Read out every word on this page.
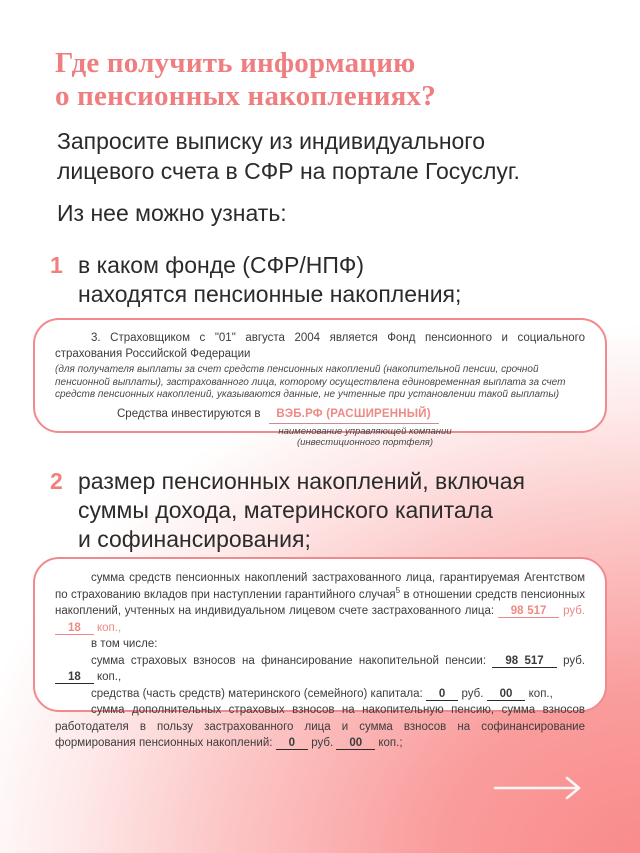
Где получить информацию
о пенсионных накоплениях?
Запросите выписку из индивидуального
лицевого счета в СФР на портале Госуслуг.
Из нее можно узнать:
1 в каком фонде (СФР/НПФ)
находятся пенсионные накопления;

3. Страховщиком с "01" августа 2004 является Фонд пенсионного и социального страхования Российской Федерации

(для получателя выплаты за счет средств пенсионных накоплений (накопительной пенсии, срочной пенсионной выплаты), застрахованного лица, которому осуществлена единовременная выплата за счет средств пенсионных накоплений, указываются данные, не учтенные при установлении такой выплаты)

Средства инвестируются в ВЭБ.РФ (РАСШИРЕННЫЙ)
наименование управляющей компании
(инвестиционного портфеля)
2 размер пенсионных накоплений, включая
суммы дохода, материнского капитала
и софинансирования;

сумма средств пенсионных накоплений застрахованного лица, гарантируемая Агентством по страхованию вкладов при наступлении гарантийного случая$^5$ в отношении средств пенсионных накоплений, учтенных на индивидуальном лицевом счете застрахованного лица: 98 517 руб. 18 коп.,

в том числе:

сумма страховых взносов на финансирование накопительной пенсии: 98 517 руб. 18 коп.,

средства (часть средств) материнского (семейного) капитала: 0 руб. 00 коп.,

сумма дополнительных страховых взносов на накопительную пенсию, сумма взносов работодателя в пользу застрахованного лица и сумма взносов на софинансирование формирования пенсионных накоплений: 0 руб. 00 коп.;
